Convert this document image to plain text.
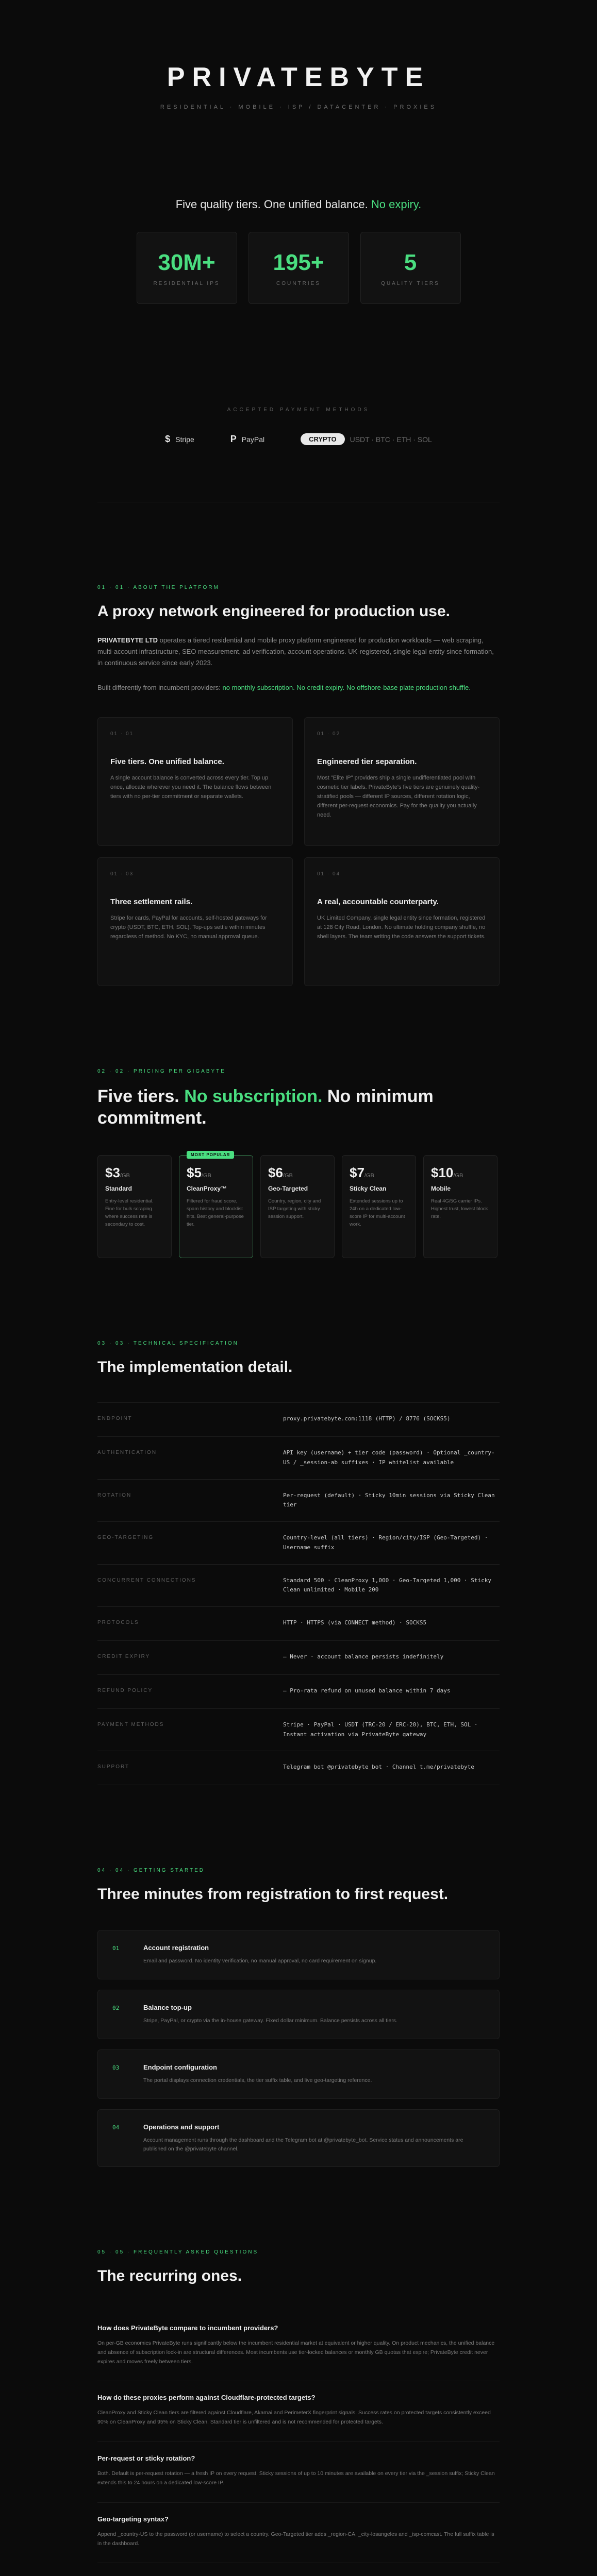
PRIVATEBYTE
RESIDENTIAL · MOBILE · ISP / DATACENTER · PROXIES
Five quality tiers. One unified balance. No expiry.
30M+
RESIDENTIAL IPS
195+
COUNTRIES
5
QUALITY TIERS
ACCEPTED PAYMENT METHODS
$ Stripe	P PayPal	CRYPTO	USDT · BTC · ETH · SOL
01 · 01 · ABOUT THE PLATFORM
A proxy network engineered for production use.

PRIVATEBYTE LTD operates a tiered residential and mobile proxy platform engineered for production workloads — web scraping, multi-account infrastructure, SEO measurement, ad verification, account operations. UK-registered, single legal entity since formation, in continuous service since early 2023.

Built differently from incumbent providers: no monthly subscription. No credit expiry. No offshore-base plate production shuffle.

01 · 01
Five tiers. One unified balance.
A single account balance is converted across every tier. Top up once, allocate wherever you need it. The balance flows between tiers with no per-tier commitment or separate wallets.
01 · 02
Engineered tier separation.
Most "Elite IP" providers ship a single undifferentiated pool with cosmetic tier labels. PrivateByte's five tiers are genuinely quality-stratified pools — different IP sources, different rotation logic, different per-request economics. Pay for the quality you actually need.
01 · 03
Three settlement rails.
Stripe for cards, PayPal for accounts, self-hosted gateways for crypto (USDT, BTC, ETH, SOL). Top-ups settle within minutes regardless of method. No KYC, no manual approval queue.
01 · 04
A real, accountable counterparty.
UK Limited Company, single legal entity since formation, registered at 128 City Road, London. No ultimate holding company shuffle, no shell layers. The team writing the code answers the support tickets.
02 · 02 · PRICING PER GIGABYTE
Five tiers. No subscription. No minimum commitment.
$3/GB
Standard
Entry-level residential. Fine for bulk scraping where success rate is secondary to cost.
MOST POPULAR
$5/GB
CleanProxy™
Filtered for fraud score, spam history and blocklist hits. Best general-purpose tier.
$6/GB
Geo-Targeted
Country, region, city and ISP targeting with sticky session support.
$7/GB
Sticky Clean
Extended sessions up to 24h on a dedicated low-score IP for multi-account work.
$10/GB
Mobile
Real 4G/5G carrier IPs. Highest trust, lowest block rate.
03 · 03 · TECHNICAL SPECIFICATION
The implementation detail.
ENDPOINT	proxy.privatebyte.com:1118 (HTTP) / 8776 (SOCKS5)
AUTHENTICATION	API key (username) + tier code (password) · Optional _country-US / _session-ab suffixes · IP whitelist available
ROTATION	Per-request (default) · Sticky 10min sessions via Sticky Clean tier
GEO-TARGETING	Country-level (all tiers) · Region/city/ISP (Geo-Targeted) · Username suffix
CONCURRENT CONNECTIONS	Standard 500 · CleanProxy 1,000 · Geo-Targeted 1,000 · Sticky Clean unlimited · Mobile 200
PROTOCOLS	HTTP · HTTPS (via CONNECT method) · SOCKS5
CREDIT EXPIRY	— Never · account balance persists indefinitely
REFUND POLICY	— Pro-rata refund on unused balance within 7 days
PAYMENT METHODS	Stripe · PayPal · USDT (TRC-20 / ERC-20), BTC, ETH, SOL · Instant activation via PrivateByte gateway
SUPPORT	Telegram bot @privatebyte_bot · Channel t.me/privatebyte
04 · 04 · GETTING STARTED
Three minutes from registration to first request.
01	Account registration
Email and password. No identity verification, no manual approval, no card requirement on signup.
02	Balance top-up
Stripe, PayPal, or crypto via the in-house gateway. Fixed dollar minimum. Balance persists across all tiers.
03	Endpoint configuration
The portal displays connection credentials, the tier suffix table, and live geo-targeting reference.
04	Operations and support
Account management runs through the dashboard and the Telegram bot at @privatebyte_bot. Service status and announcements are published on the @privatebyte channel.
05 · 05 · FREQUENTLY ASKED QUESTIONS
The recurring ones.
How does PrivateByte compare to incumbent providers?
On per-GB economics PrivateByte runs significantly below the incumbent residential market at equivalent or higher quality. On product mechanics, the unified balance and absence of subscription lock-in are structural differences. Most incumbents use tier-locked balances or monthly GB quotas that expire; PrivateByte credit never expires and moves freely between tiers.
How do these proxies perform against Cloudflare-protected targets?
CleanProxy and Sticky Clean tiers are filtered against Cloudflare, Akamai and PerimeterX fingerprint signals. Success rates on protected targets consistently exceed 90% on CleanProxy and 95% on Sticky Clean. Standard tier is unfiltered and is not recommended for protected targets.
Per-request or sticky rotation?
Both. Default is per-request rotation — a fresh IP on every request. Sticky sessions of up to 10 minutes are available on every tier via the _session suffix; Sticky Clean extends this to 24 hours on a dedicated low-score IP.
Geo-targeting syntax?
Append _country-US to the password (or username) to select a country. Geo-Targeted tier adds _region-CA, _city-losangeles and _isp-comcast. The full suffix table is in the dashboard.
